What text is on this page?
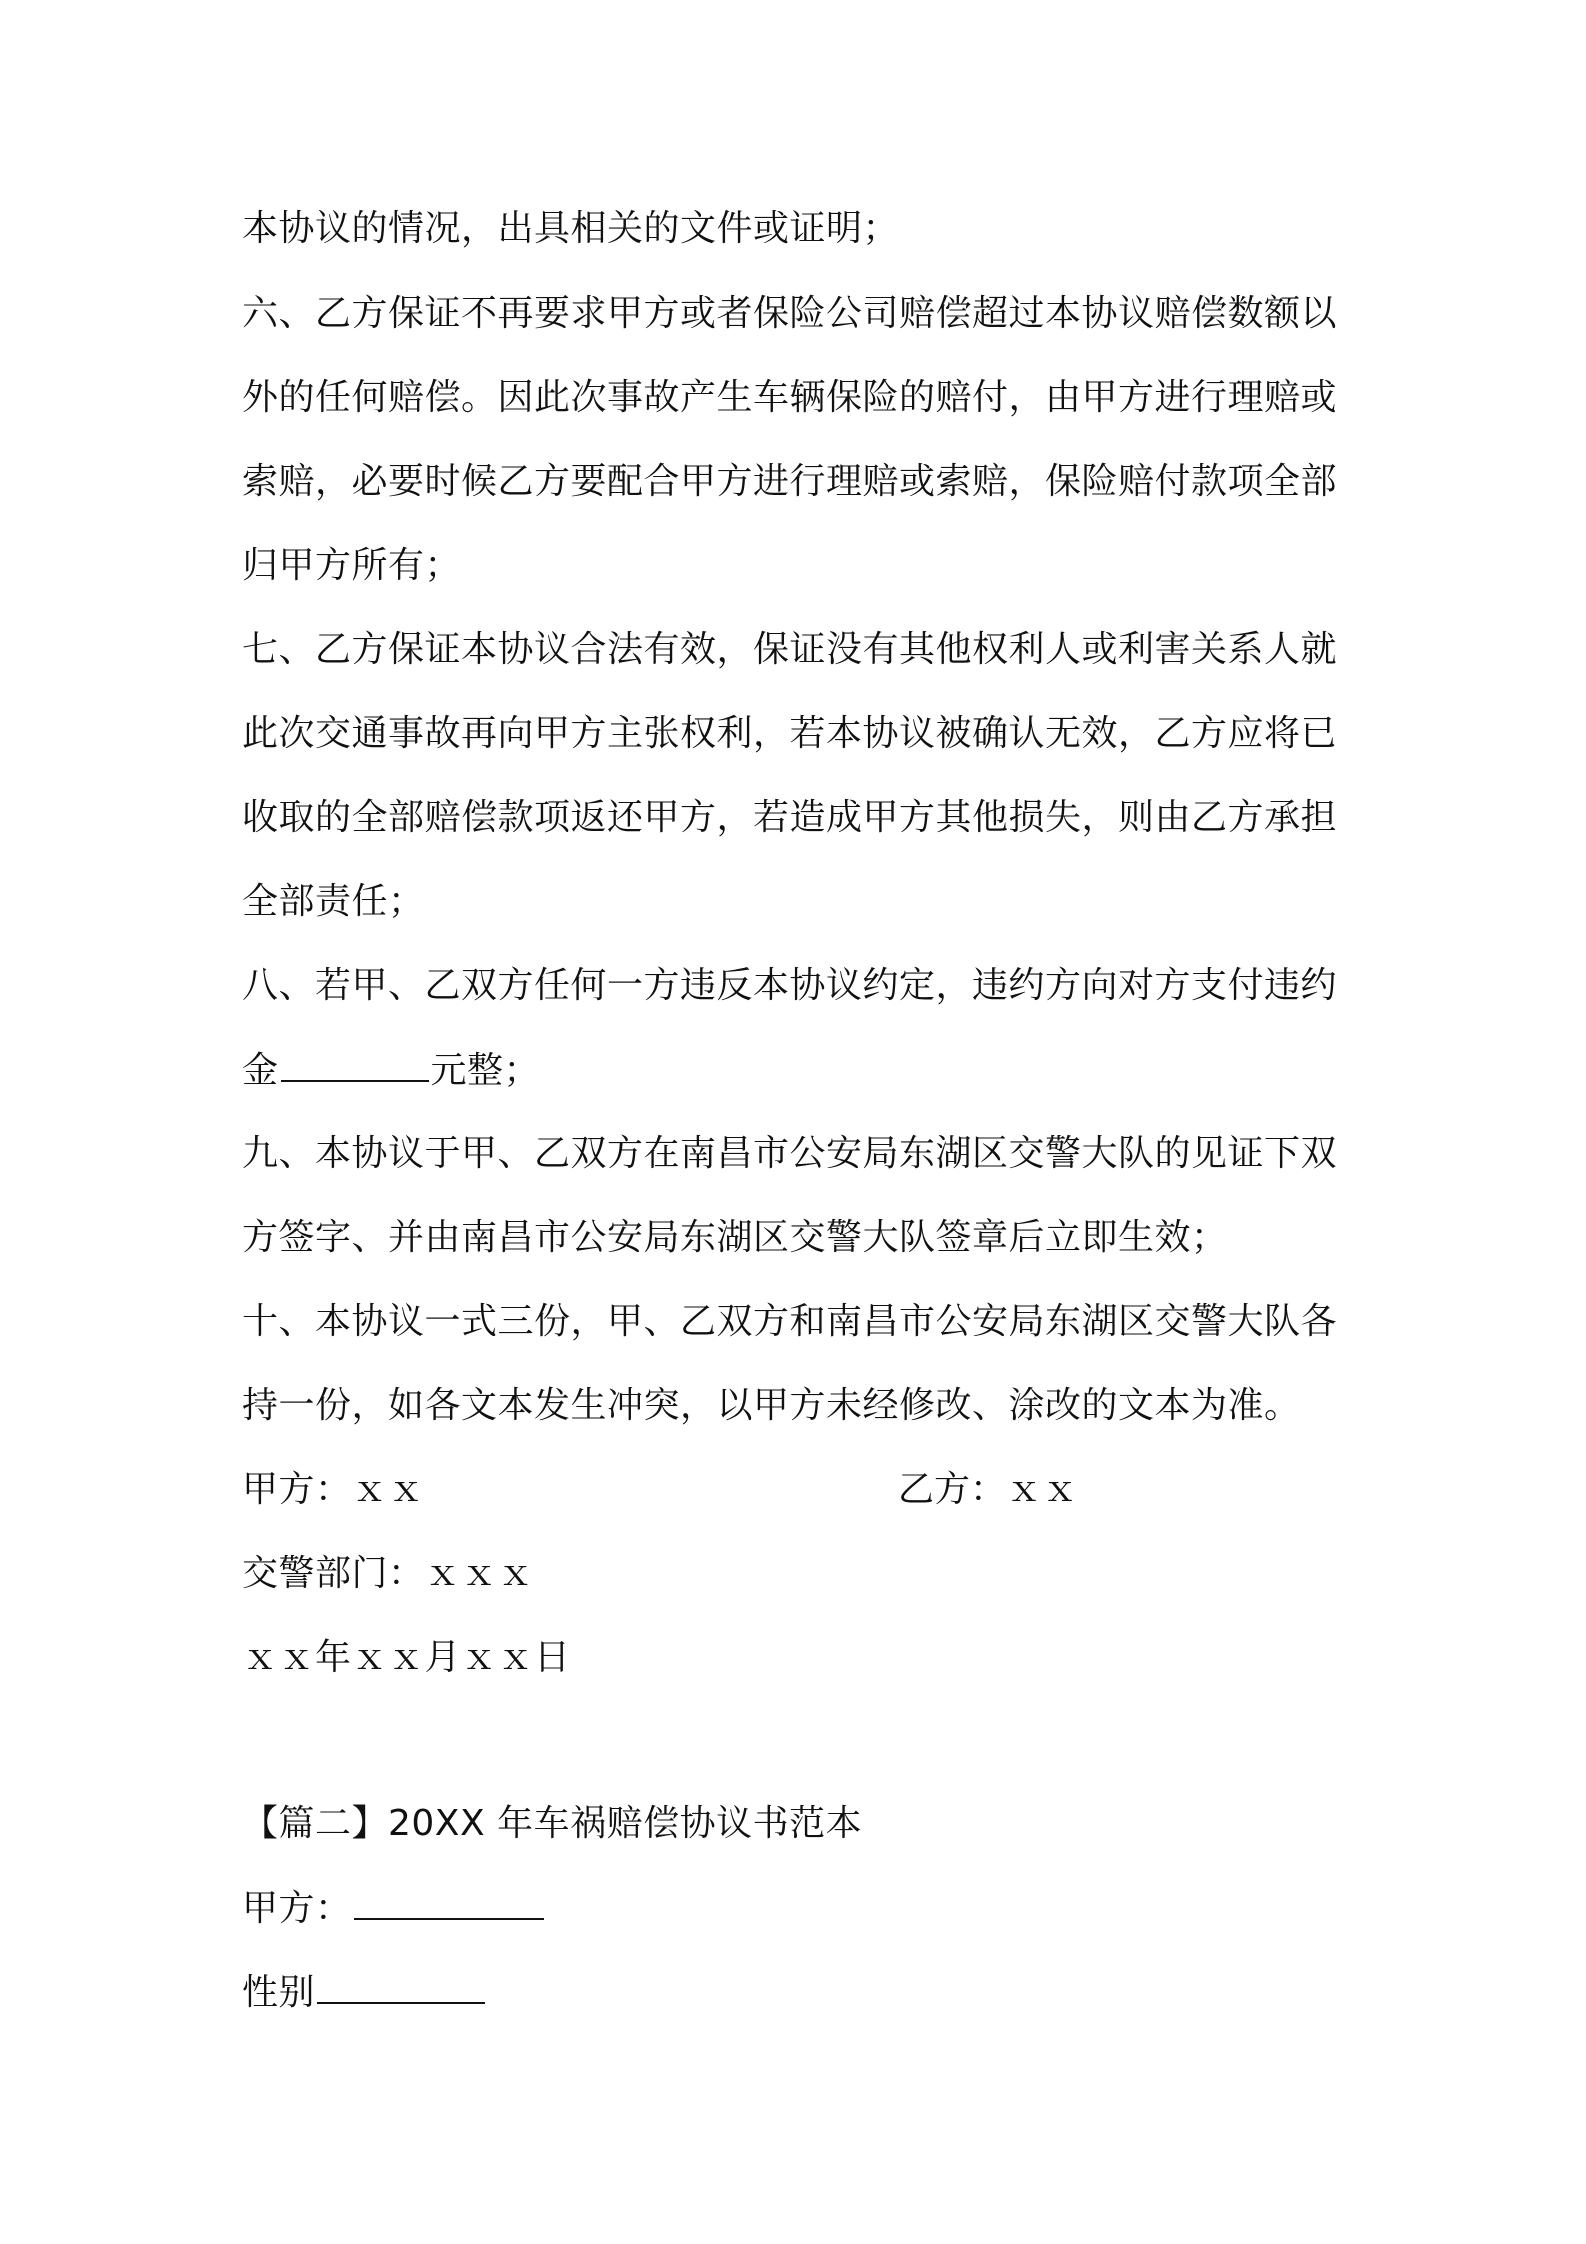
本协议的情况，出具相关的文件或证明；
六、乙方保证不再要求甲方或者保险公司赔偿超过本协议赔偿数额以
外的任何赔偿。因此次事故产生车辆保险的赔付，由甲方进行理赔或
索赔，必要时候乙方要配合甲方进行理赔或索赔，保险赔付款项全部
归甲方所有；
七、乙方保证本协议合法有效，保证没有其他权利人或利害关系人就
此次交通事故再向甲方主张权利，若本协议被确认无效，乙方应将已
收取的全部赔偿款项返还甲方，若造成甲方其他损失，则由乙方承担
全部责任；
八、若甲、乙双方任何一方违反本协议约定，违约方向对方支付违约
金	元整；
九、本协议于甲、乙双方在南昌市公安局东湖区交警大队的见证下双
方签字、并由南昌市公安局东湖区交警大队签章后立即生效；
十、本协议一式三份，甲、乙双方和南昌市公安局东湖区交警大队各
持一份，如各文本发生冲突，以甲方未经修改、涂改的文本为准。
甲方：ｘｘ	乙方：ｘｘ
交警部门：ｘｘｘ
ｘｘ年ｘｘ月ｘｘ日
【篇二】20XX 年车祸赔偿协议书范本
甲方：
性别
